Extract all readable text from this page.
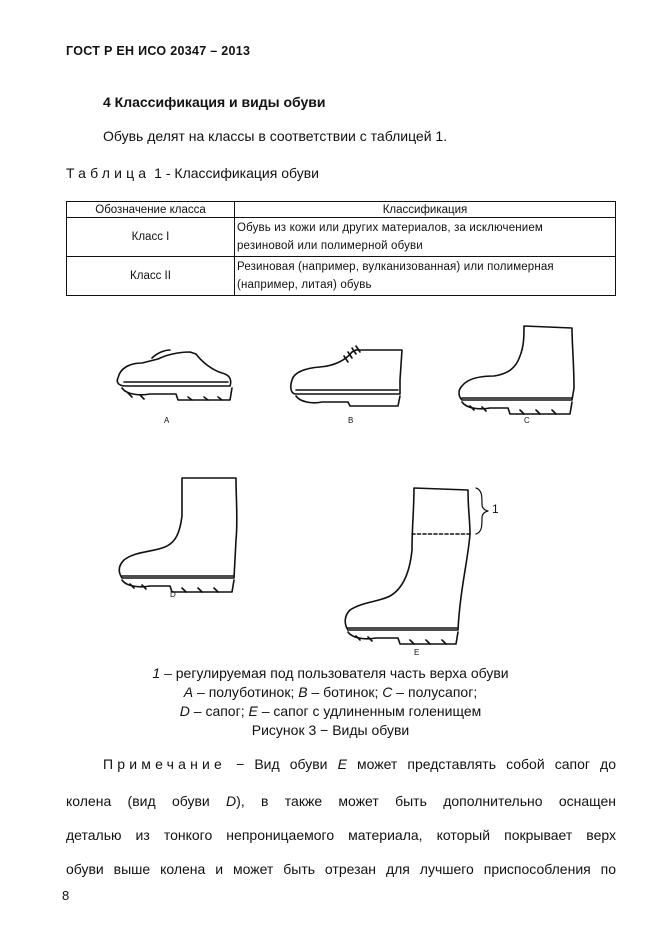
ГОСТ Р ЕН ИСО 20347 – 2013
4 Классификация и виды обуви
Обувь делят на классы в соответствии с таблицей 1.
Таблица 1 - Классификация обуви
Обозначение класса	Классификация
Класс I	Обувь из кожи или других материалов, за исключением
резиновой или полимерной обуви
Класс II	Резиновая (например, вулканизованная) или полимерная
(например, литая) обувь
A	B	C
D
E
1
1 – регулируемая под пользователя часть верха обуви
A – полуботинок; B – ботинок; C – полусапог;
D – сапог; E – сапог с удлиненным голенищем
Рисунок 3 − Виды обуви
Примечание − Вид обуви E может представлять собой сапог до
колена (вид обуви D), в также может быть дополнительно оснащен
деталью из тонкого непроницаемого материала, который покрывает верх
обуви выше колена и может быть отрезан для лучшего приспособления по
8
